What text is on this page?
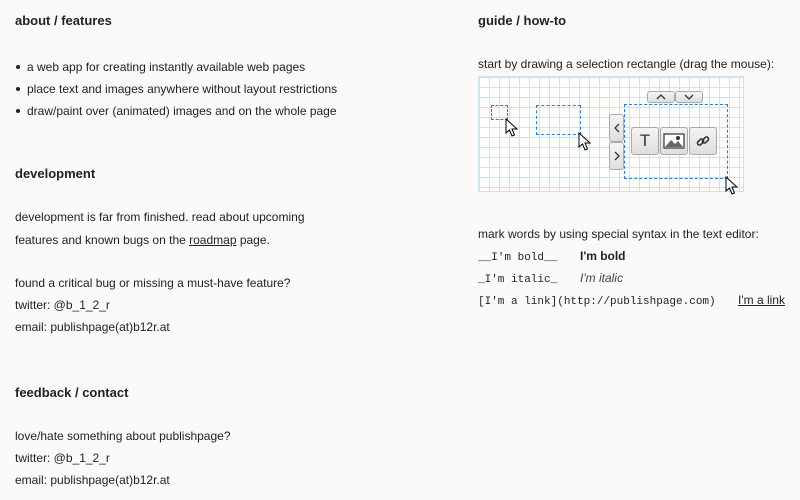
about / features
a web app for creating instantly available web pages
place text and images anywhere without layout restrictions
draw/paint over (animated) images and on the whole page
development
development is far from finished. read about upcoming
features and known bugs on the roadmap page.
found a critical bug or missing a must-have feature?
twitter: @b_1_2_r
email: publishpage(at)b12r.at
feedback / contact
love/hate something about publishpage?
twitter: @b_1_2_r
email: publishpage(at)b12r.at
guide / how-to
start by drawing a selection rectangle (drag the mouse):
T
mark words by using special syntax in the text editor:
__I'm bold__ I'm bold
_I'm italic_ I'm italic
[I'm a link](http://publishpage.com) I'm a link
